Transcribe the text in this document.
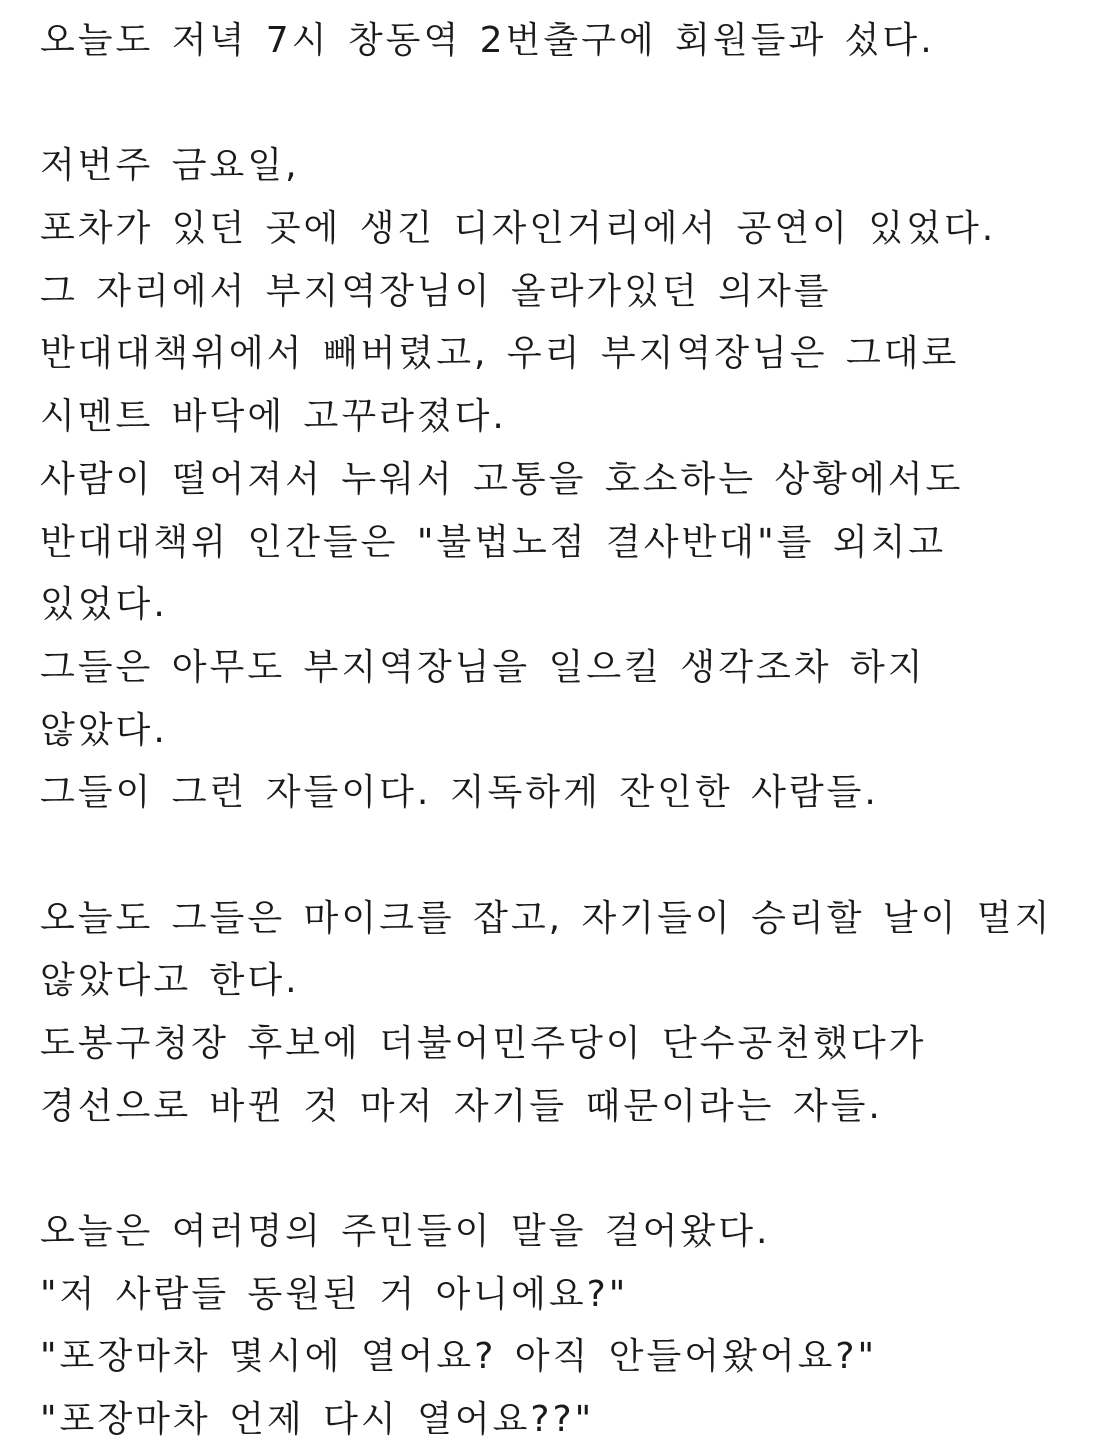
오늘도 저녁 7시 창동역 2번출구에 회원들과 섰다.
저번주 금요일,
포차가 있던 곳에 생긴 디자인거리에서 공연이 있었다.
그 자리에서 부지역장님이 올라가있던 의자를
반대대책위에서 빼버렸고, 우리 부지역장님은 그대로
시멘트 바닥에 고꾸라졌다.
사람이 떨어져서 누워서 고통을 호소하는 상황에서도
반대대책위 인간들은 "불법노점 결사반대"를 외치고
있었다.
그들은 아무도 부지역장님을 일으킬 생각조차 하지
않았다.
그들이 그런 자들이다. 지독하게 잔인한 사람들.
오늘도 그들은 마이크를 잡고, 자기들이 승리할 날이 멀지
않았다고 한다.
도봉구청장 후보에 더불어민주당이 단수공천했다가
경선으로 바뀐 것 마저 자기들 때문이라는 자들.
오늘은 여러명의 주민들이 말을 걸어왔다.
"저 사람들 동원된 거 아니에요?"
"포장마차 몇시에 열어요? 아직 안들어왔어요?"
"포장마차 언제 다시 열어요??"
